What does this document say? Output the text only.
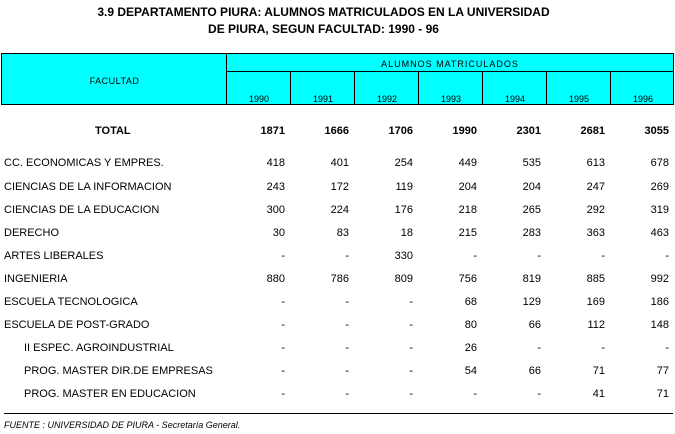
3.9 DEPARTAMENTO PIURA: ALUMNOS MATRICULADOS EN LA UNIVERSIDAD
DE PIURA, SEGUN FACULTAD: 1990 - 96
FACULTAD
ALUMNOS MATRICULADOS
1990	1991	1992	1993	1994	1995	1996
TOTAL	1871	1666	1706	1990	2301	2681	3055
CC. ECONOMICAS Y EMPRES.	418	401	254	449	535	613	678
CIENCIAS DE LA INFORMACION	243	172	119	204	204	247	269
CIENCIAS DE LA EDUCACION	300	224	176	218	265	292	319
DERECHO	30	83	18	215	283	363	463
ARTES LIBERALES	-	-	330	-	-	-	-
INGENIERIA	880	786	809	756	819	885	992
ESCUELA TECNOLOGICA	-	-	-	68	129	169	186
ESCUELA DE POST-GRADO	-	-	-	80	66	112	148
II ESPEC. AGROINDUSTRIAL	-	-	-	26	-	-	-
PROG. MASTER DIR.DE EMPRESAS	-	-	-	54	66	71	77
PROG. MASTER EN EDUCACION	-	-	-	-	-	41	71
FUENTE : UNIVERSIDAD DE PIURA - Secretaría General.
